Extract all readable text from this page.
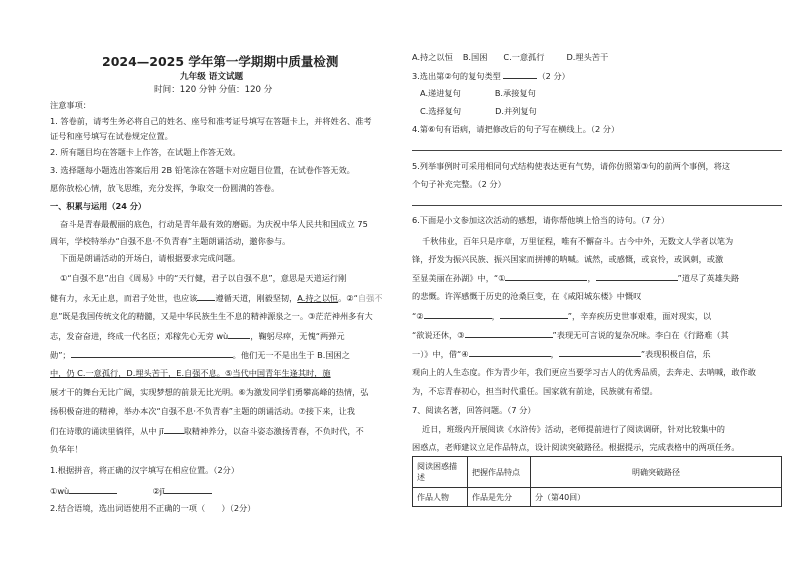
2024—2025 学年第一学期期中质量检测
九年级 语文试题
时间：120 分钟 分值：120 分
注意事项：
1. 答卷前，请考生务必将自己的姓名、座号和准考证号填写在答题卡上，并将姓名、准考
证号和座号填写在试卷规定位置。
2. 所有题目均在答题卡上作答，在试题上作答无效。
3. 选择题每小题选出答案后用 2B 铅笔涂在答题卡对应题目位置，在试卷作答无效。
愿你放松心情，放飞思维，充分发挥，争取交一份圆满的答卷。
一、积累与运用（24 分）
奋斗是青春最靓丽的底色，行动是青年最有效的磨砺。为庆祝中华人民共和国成立 75
周年，学校特举办“自强不息·不负青春”主题朗诵活动，邀你参与。
下面是朗诵活动的开场白，请根据要求完成问题。
①“自强不息”出自《周易》中的“天行健，君子以自强不息”，意思是天道运行刚
健有力，永无止息，而君子处世，也应该 遵循天道，刚毅坚韧，A.持之以恒。②“自强不
息”既是我国传统文化的精髓，又是中华民族生生不息的精神源泉之一。③茫茫神州多有大
志，发奋奋进，终成一代名臣；邓稼先心无旁 wù	，鞠躬尽瘁，无愧“两弹元
勋”；	。他们无一不是出生于 B.国困之
中，仍 C.一意孤行，D.埋头苦干，E.自强不息。⑤当代中国青年生逢其时，施
展才干的舞台无比广阔，实现梦想的前景无比光明。⑥为激发同学们勇攀高峰的热情，弘
扬积极奋进的精神，举办本次“自强不息·不负青春”主题的朗诵活动。⑦接下来，让我
们在诗歌的诵读里徜徉，从中 jī 取精神养分，以奋斗姿态激扬青春，不负时代，不
负华年！
1.根据拼音，将正确的汉字填写在相应位置。（2分）
①wù	②jī
2.结合语境，选出词语使用不正确的一项（　　）（2分）
A.持之以恒 B.国困 C.一意孤行	D.埋头苦干
3.选出第②句的复句类型	（2 分）
A.递进复句	B.承接复句
C.选择复句	D.并列复句
4.第⑥句有语病，请把修改后的句子写在横线上。（2 分）
5.列举事例时可采用相同句式结构使表达更有气势，请你仿照第③句的前两个事例，将这
个句子补充完整。（2 分）
6.下面是小文参加这次活动的感想，请你帮他填上恰当的诗句。（7 分）
千秋伟业，百年只是序章，万里征程，唯有不懈奋斗。古今中外，无数文人学者以笔为
锋，抒发为振兴民族、振兴国家而拼搏的呐喊。诚然，或感慨，或哀怜，或讽刺，或激
至显美丽在孙湖》中，“①	，	”道尽了英雄失路
的悲慨。许浑感慨于历史的沧桑巨变，在《咸阳城东楼》中慨叹
“②	，	”，辛弃疾历史世事艰难，面对现实，以
“欲说还休，③	”表现无可言说的复杂况味。李白在《行路难（其
一）》中，借“④	，	”表现积极自信，乐
观向上的人生态度。作为青少年，我们更应当要学习古人的优秀品质，去奔走、去呐喊，敢作敢
为，不忘青春初心，担当时代重任。国家就有前途，民族就有希望。
7、阅读名著，回答问题。（7 分）
近日，班级内开展阅读《水浒传》活动，老师提前进行了阅读调研，针对比较集中的
困惑点，老师建议立足作品特点，设计阅读突破路径。根据提示，完成表格中的两项任务。
阅读困惑描述	把握作品特点	明确突破路径
作品人物	作品是先分	分（第40回）
